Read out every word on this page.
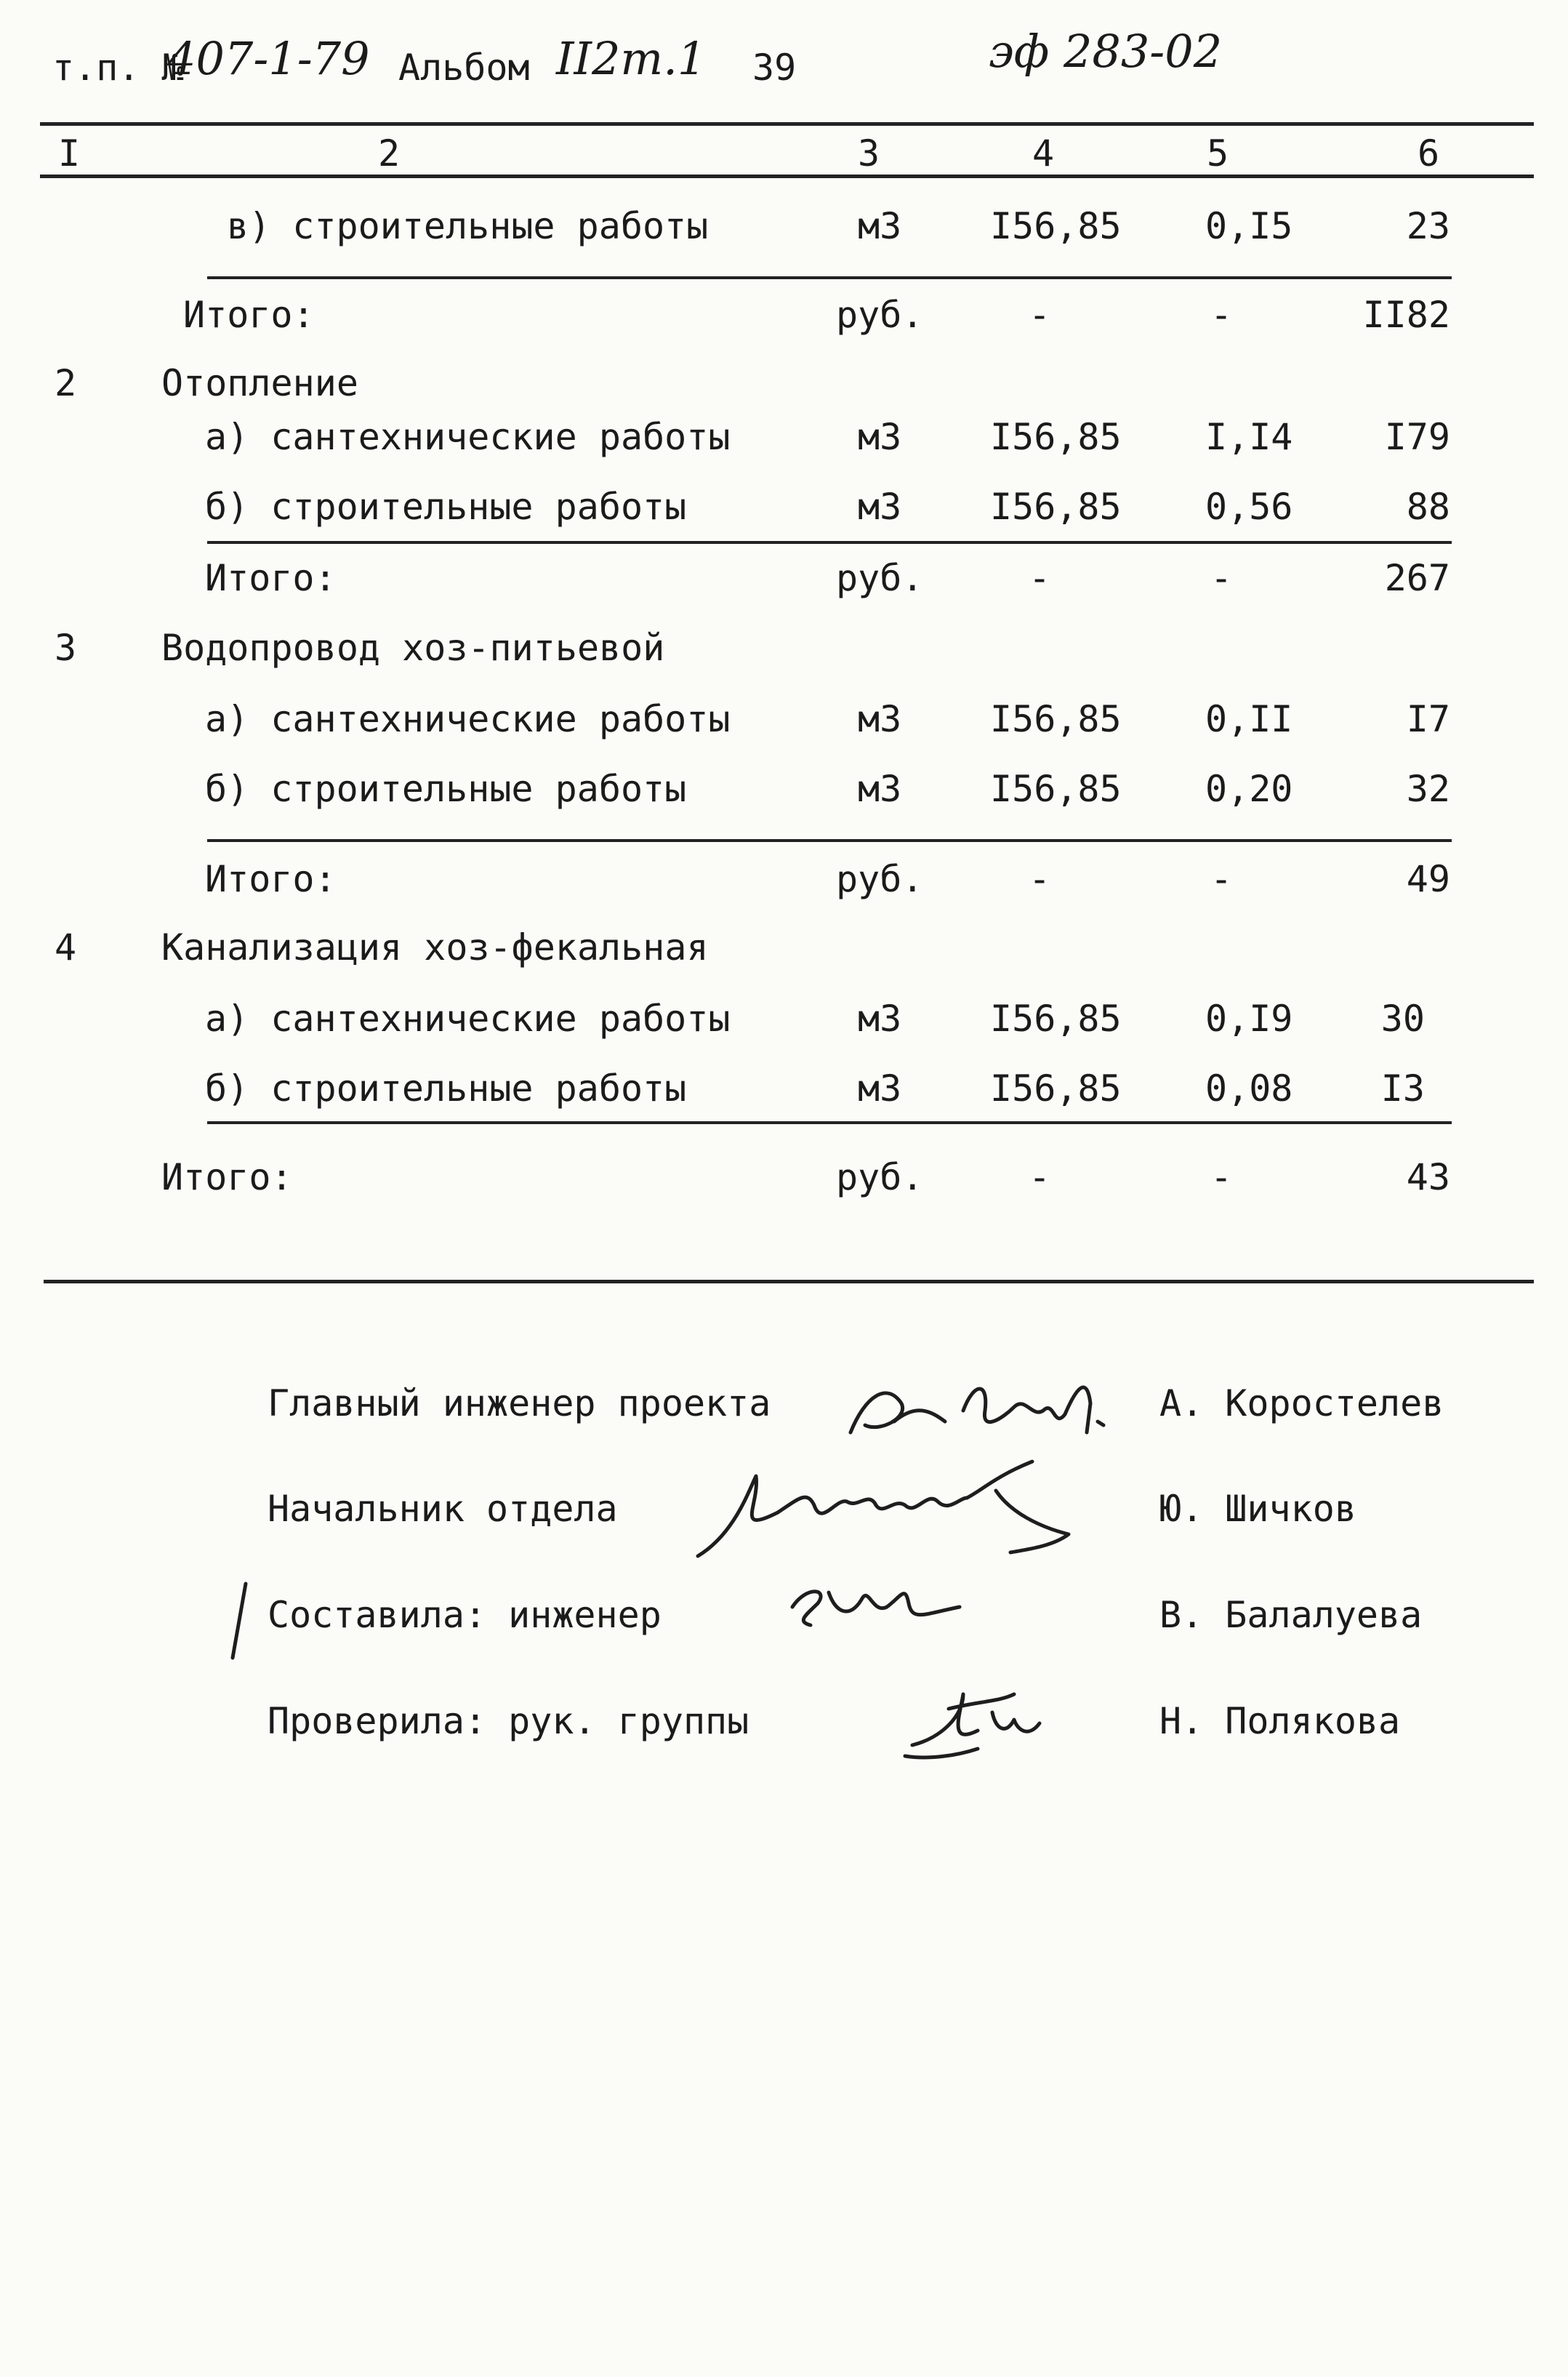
т.п. №
407-1-79 Альбом II2т.1 39	эф 283-02
I	2	3	4	5	6
в) строительные работы	м3 I56,85 0,I5	23
Итого:	руб.	-	-	II82
2 Отопление
а) сантехнические работы	м3 I56,85 I,I4	I79
б) строительные работы	м3 I56,85 0,56	88
Итого:	руб.	-	-	267
3 Водопровод хоз-питьевой
а) сантехнические работы	м3 I56,85 0,II	I7
б) строительные работы	м3 I56,85 0,20	32
Итого:	руб.	-	-	49
4 Канализация хоз-фекальная
а) сантехнические работы	м3 I56,85 0,I9	30
б) строительные работы	м3 I56,85 0,08	I3
Итого:	руб.	-	-	43
Главный инженер проекта	А. Коростелев
Начальник отдела	Ю. Шичков
Составила: инженер	В. Балалуева
Проверила: рук. группы	Н. Полякова
